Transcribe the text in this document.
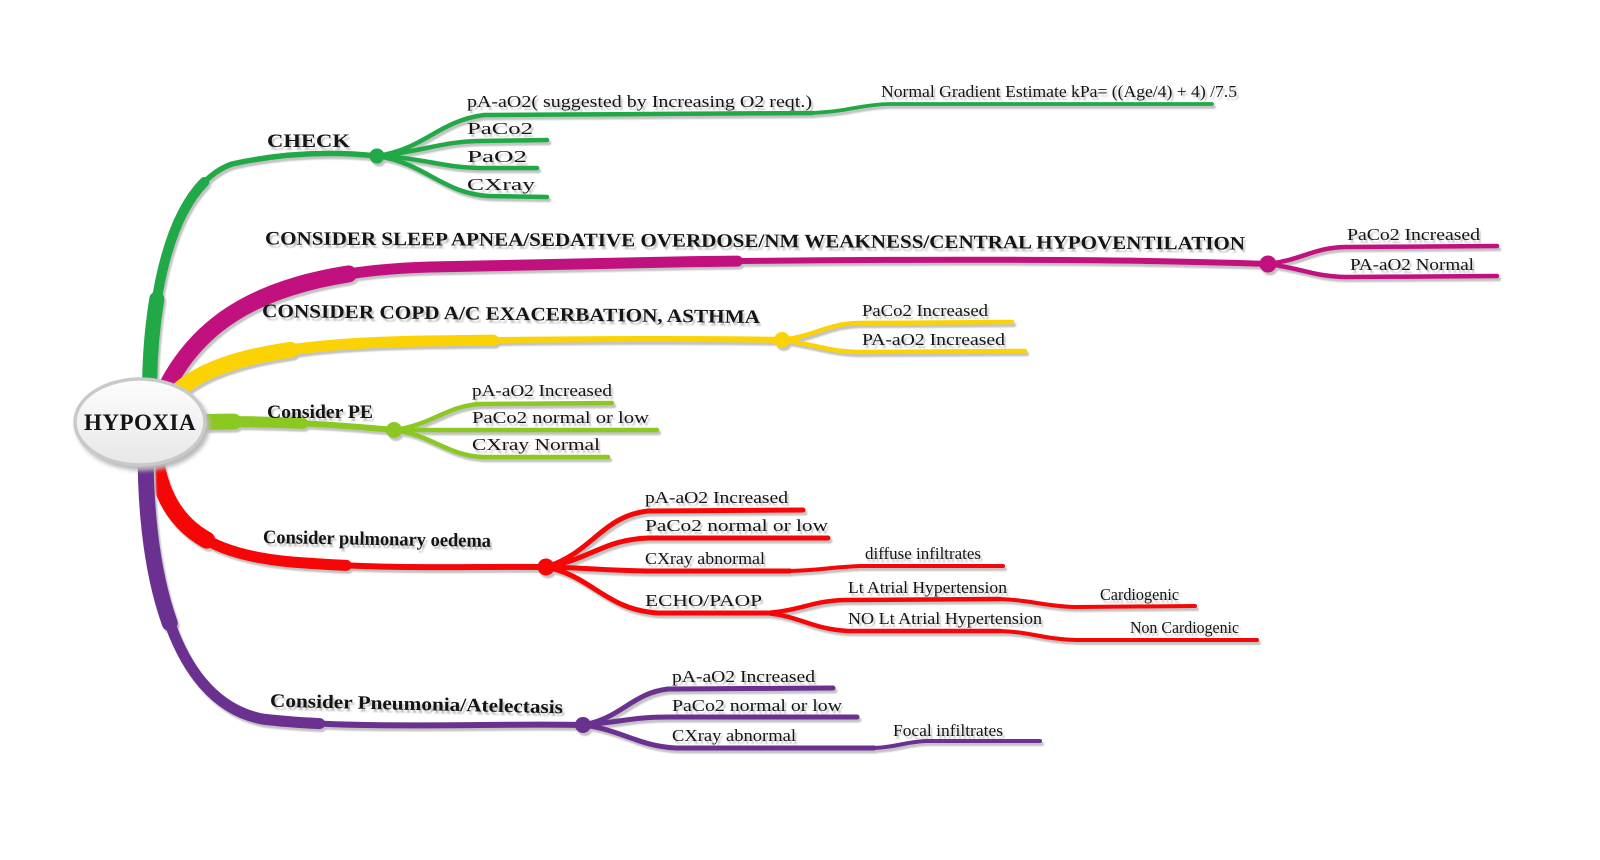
CHECK
pA-aO2( suggested by Increasing O2 reqt.)
Normal Gradient Estimate kPa= ((Age/4) + 4) /7.5
PaCo2
PaO2
CXray
CONSIDER SLEEP APNEA/SEDATIVE OVERDOSE/NM WEAKNESS/CENTRAL HYPOVENTILATION	PaCo2 Increased
PA-aO2 Normal
CONSIDER COPD A/C EXACERBATION, ASTHMA	PaCo2 Increased
PA-aO2 Increased
Consider PE
pA-aO2 Increased
PaCo2 normal or low
CXray Normal
Consider pulmonary oedema
pA-aO2 Increased
PaCo2 normal or low
CXray abnormal
ECHO/PAOP
diffuse infiltrates
Lt Atrial Hypertension
NO Lt Atrial Hypertension
Cardiogenic
Non Cardiogenic
Consider Pneumonia/Atelectasis
pA-aO2 Increased
PaCo2 normal or low
CXray abnormal	Focal infiltrates
HYPOXIA
